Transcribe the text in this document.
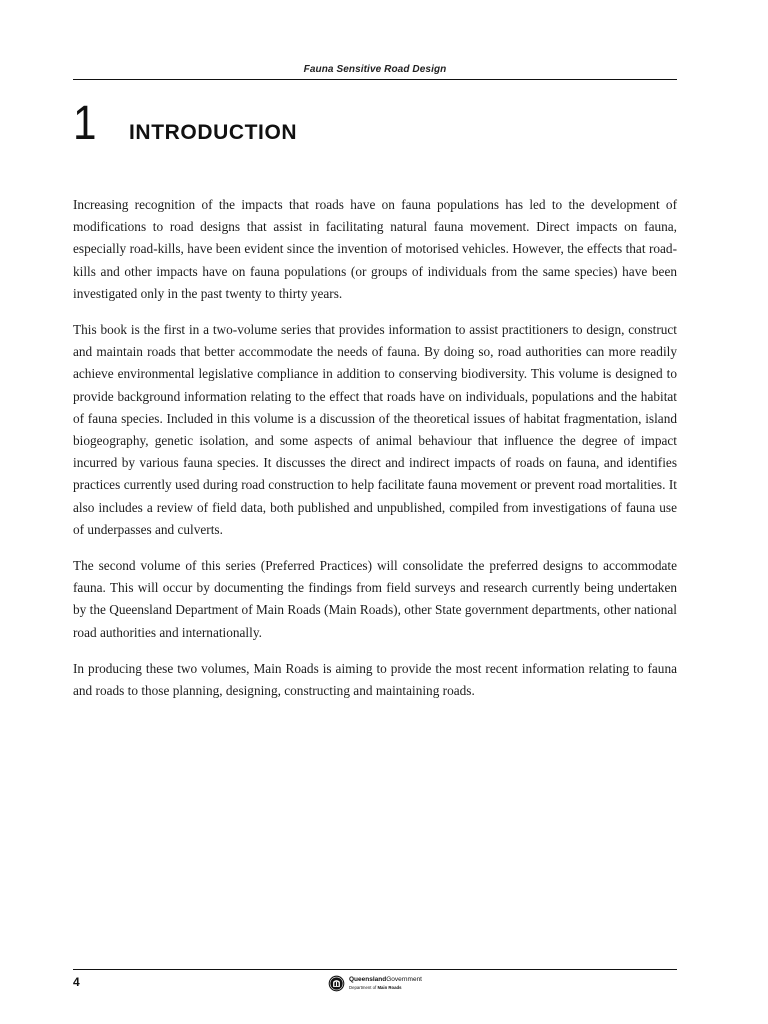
Fauna Sensitive Road Design
1 INTRODUCTION

Increasing recognition of the impacts that roads have on fauna populations has led to the development of modifications to road designs that assist in facilitating natural fauna movement. Direct impacts on fauna, especially road-kills, have been evident since the invention of motorised vehicles. However, the effects that road-kills and other impacts have on fauna populations (or groups of individuals from the same species) have been investigated only in the past twenty to thirty years.

This book is the first in a two-volume series that provides information to assist practitioners to design, construct and maintain roads that better accommodate the needs of fauna. By doing so, road authorities can more readily achieve environmental legislative compliance in addition to conserving biodiversity. This volume is designed to provide background information relating to the effect that roads have on individuals, populations and the habitat of fauna species. Included in this volume is a discussion of the theoretical issues of habitat fragmentation, island biogeography, genetic isolation, and some aspects of animal behaviour that influence the degree of impact incurred by various fauna species. It discusses the direct and indirect impacts of roads on fauna, and identifies practices currently used during road construction to help facilitate fauna movement or prevent road mortalities. It also includes a review of field data, both published and unpublished, compiled from investigations of fauna use of underpasses and culverts.

The second volume of this series (Preferred Practices) will consolidate the preferred designs to accommodate fauna. This will occur by documenting the findings from field surveys and research currently being undertaken by the Queensland Department of Main Roads (Main Roads), other State government departments, other national road authorities and internationally.

In producing these two volumes, Main Roads is aiming to provide the most recent information relating to fauna and roads to those planning, designing, constructing and maintaining roads.

4	QueenslandGovernment
Department of Main Roads
